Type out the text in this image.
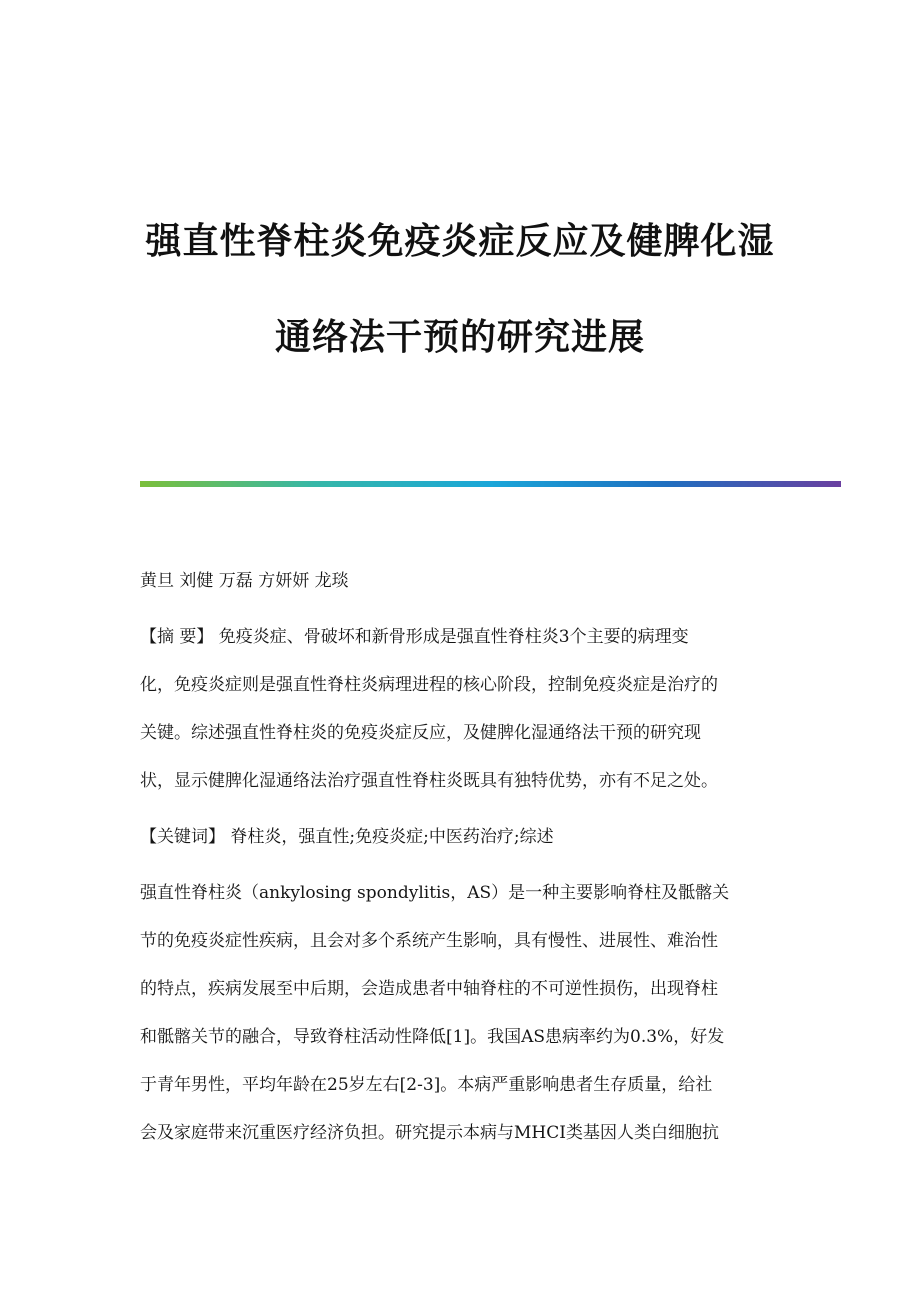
强直性脊柱炎免疫炎症反应及健脾化湿
通络法干预的研究进展
黄旦 刘健 万磊 方妍妍 龙琰
【摘 要】 免疫炎症、骨破坏和新骨形成是强直性脊柱炎3个主要的病理变
化，免疫炎症则是强直性脊柱炎病理进程的核心阶段，控制免疫炎症是治疗的
关键。综述强直性脊柱炎的免疫炎症反应，及健脾化湿通络法干预的研究现
状，显示健脾化湿通络法治疗强直性脊柱炎既具有独特优势，亦有不足之处。
【关键词】 脊柱炎，强直性;免疫炎症;中医药治疗;综述
强直性脊柱炎（ankylosing spondylitis，AS）是一种主要影响脊柱及骶髂关
节的免疫炎症性疾病，且会对多个系统产生影响，具有慢性、进展性、难治性
的特点，疾病发展至中后期，会造成患者中轴脊柱的不可逆性损伤，出现脊柱
和骶髂关节的融合，导致脊柱活动性降低[1]。我国AS患病率约为0.3%，好发
于青年男性，平均年龄在25岁左右[2-3]。本病严重影响患者生存质量，给社
会及家庭带来沉重医疗经济负担。研究提示本病与MHCⅠ类基因人类白细胞抗
